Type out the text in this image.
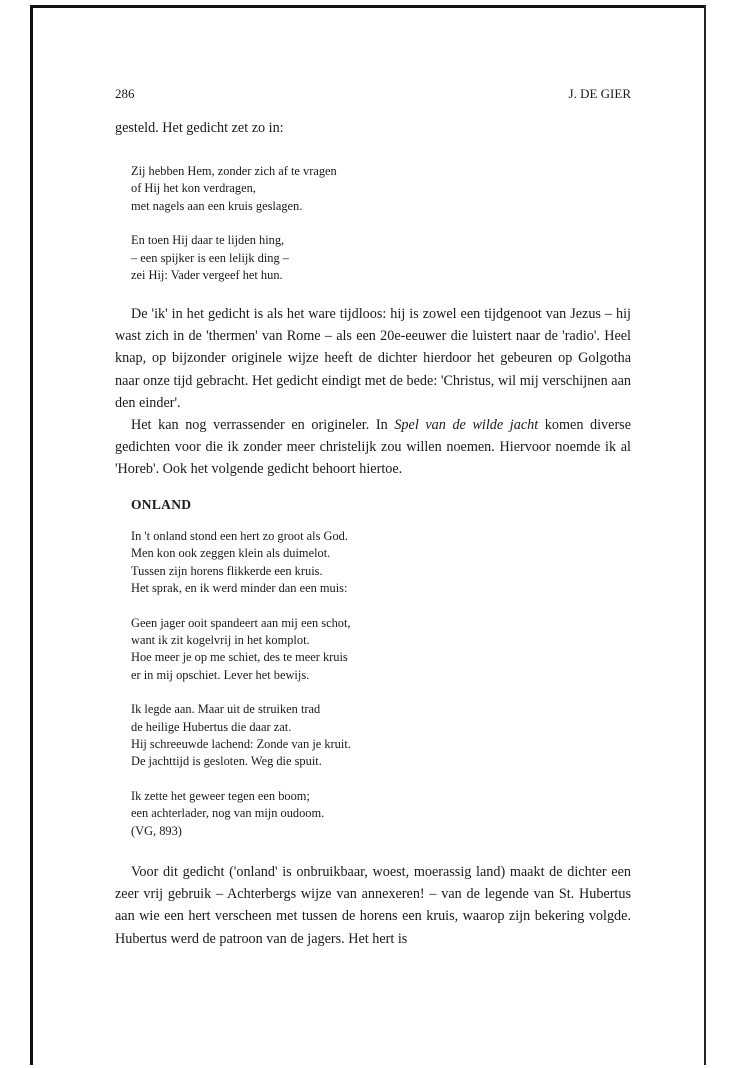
286	J. DE GIER

gesteld. Het gedicht zet zo in:

Zij hebben Hem, zonder zich af te vragen
of Hij het kon verdragen,
met nagels aan een kruis geslagen.
En toen Hij daar te lijden hing,
– een spijker is een lelijk ding –
zei Hij: Vader vergeef het hun.

De 'ik' in het gedicht is als het ware tijdloos: hij is zowel een tijdgenoot van Jezus – hij wast zich in de 'thermen' van Rome – als een 20e-eeuwer die luistert naar de 'radio'. Heel knap, op bijzonder originele wijze heeft de dichter hierdoor het gebeuren op Golgotha naar onze tijd gebracht. Het gedicht eindigt met de bede: 'Christus, wil mij verschijnen aan den einder'.

Het kan nog verrassender en origineler. In Spel van de wilde jacht komen diverse gedichten voor die ik zonder meer christelijk zou willen noemen. Hiervoor noemde ik al 'Horeb'. Ook het volgende gedicht behoort hiertoe.

ONLAND
In 't onland stond een hert zo groot als God.
Men kon ook zeggen klein als duimelot.
Tussen zijn horens flikkerde een kruis.
Het sprak, en ik werd minder dan een muis:
Geen jager ooit spandeert aan mij een schot,
want ik zit kogelvrij in het komplot.
Hoe meer je op me schiet, des te meer kruis
er in mij opschiet. Lever het bewijs.
Ik legde aan. Maar uit de struiken trad
de heilige Hubertus die daar zat.
Hij schreeuwde lachend: Zonde van je kruit.
De jachttijd is gesloten. Weg die spuit.
Ik zette het geweer tegen een boom;
een achterlader, nog van mijn oudoom.
(VG, 893)

Voor dit gedicht ('onland' is onbruikbaar, woest, moerassig land) maakt de dichter een zeer vrij gebruik – Achterbergs wijze van annexeren! – van de legende van St. Hubertus aan wie een hert verscheen met tussen de horens een kruis, waarop zijn bekering volgde. Hubertus werd de patroon van de jagers. Het hert is
